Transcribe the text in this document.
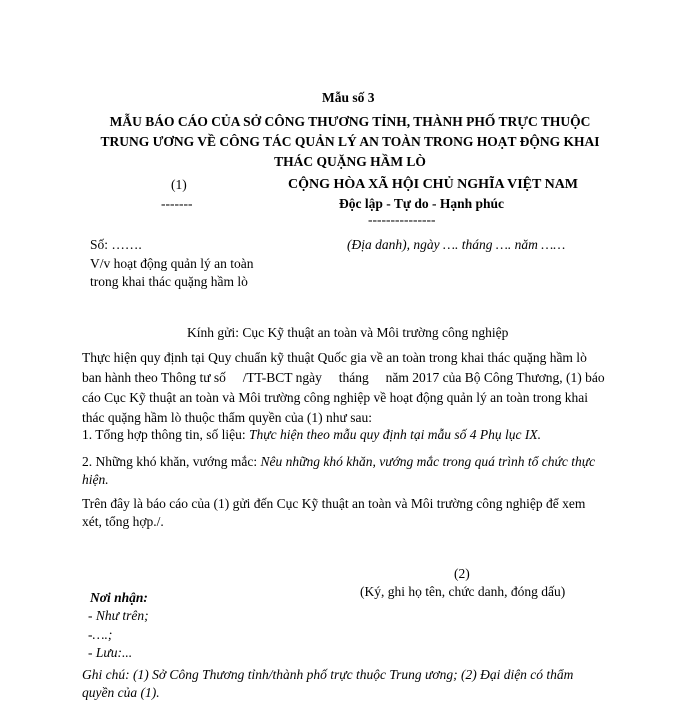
Mẫu số 3
MẪU BÁO CÁO CỦA SỞ CÔNG THƯƠNG TỈNH, THÀNH PHỐ TRỰC THUỘC
TRUNG ƯƠNG VỀ CÔNG TÁC QUẢN LÝ AN TOÀN TRONG HOẠT ĐỘNG KHAI
THÁC QUẶNG HẦM LÒ
(1)
-------
CỘNG HÒA XÃ HỘI CHỦ NGHĨA VIỆT NAM
Độc lập - Tự do - Hạnh phúc
---------------
Số: …….	(Địa danh), ngày …. tháng …. năm ……
V/v hoạt động quản lý an toàn
trong khai thác quặng hầm lò
Kính gửi: Cục Kỹ thuật an toàn và Môi trường công nghiệp
Thực hiện quy định tại Quy chuẩn kỹ thuật Quốc gia về an toàn trong khai thác quặng hầm lò
ban hành theo Thông tư số     /TT-BCT ngày     tháng     năm 2017 của Bộ Công Thương, (1) báo
cáo Cục Kỹ thuật an toàn và Môi trường công nghiệp về hoạt động quản lý an toàn trong khai
thác quặng hầm lò thuộc thẩm quyền của (1) như sau:
1. Tổng hợp thông tin, số liệu: Thực hiện theo mẫu quy định tại mẫu số 4 Phụ lục IX.
2. Những khó khăn, vướng mắc: Nêu những khó khăn, vướng mắc trong quá trình tổ chức thực
hiện.
Trên đây là báo cáo của (1) gửi đến Cục Kỹ thuật an toàn và Môi trường công nghiệp để xem
xét, tổng hợp./.
(2)
(Ký, ghi họ tên, chức danh, đóng dấu)
Nơi nhận:
- Như trên;
-….;
- Lưu:...
Ghi chú: (1) Sở Công Thương tỉnh/thành phố trực thuộc Trung ương; (2) Đại diện có thẩm
quyền của (1).
